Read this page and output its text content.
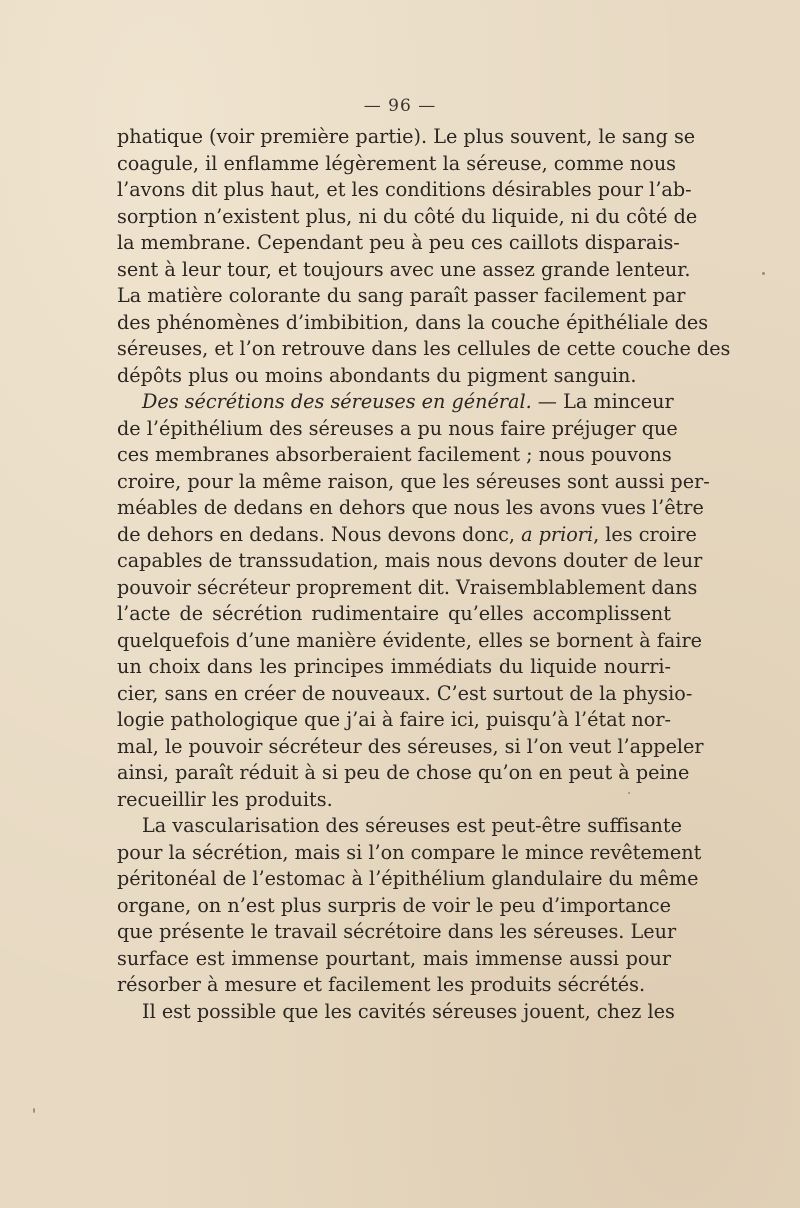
— 96 —
phatique (voir première partie). Le plus souvent, le sang se
coagule, il enflamme légèrement la séreuse, comme nous
l’avons dit plus haut, et les conditions désirables pour l’ab-
sorption n’existent plus, ni du côté du liquide, ni du côté de
la membrane. Cependant peu à peu ces caillots disparais-
sent à leur tour, et toujours avec une assez grande lenteur.
La matière colorante du sang paraît passer facilement par
des phénomènes d’imbibition, dans la couche épithéliale des
séreuses, et l’on retrouve dans les cellules de cette couche des
dépôts plus ou moins abondants du pigment sanguin.
Des sécrétions des séreuses en général. — La minceur
de l’épithélium des séreuses a pu nous faire préjuger que
ces membranes absorberaient facilement ; nous pouvons
croire, pour la même raison, que les séreuses sont aussi per-
méables de dedans en dehors que nous les avons vues l’être
de dehors en dedans. Nous devons donc, a priori, les croire
capables de transsudation, mais nous devons douter de leur
pouvoir sécréteur proprement dit. Vraisemblablement dans
l’acte de sécrétion rudimentaire qu’elles accomplissent
quelquefois d’une manière évidente, elles se bornent à faire
un choix dans les principes immédiats du liquide nourri-
cier, sans en créer de nouveaux. C’est surtout de la physio-
logie pathologique que j’ai à faire ici, puisqu’à l’état nor-
mal, le pouvoir sécréteur des séreuses, si l’on veut l’appeler
ainsi, paraît réduit à si peu de chose qu’on en peut à peine
recueillir les produits.
La vascularisation des séreuses est peut-être suffisante
pour la sécrétion, mais si l’on compare le mince revêtement
péritonéal de l’estomac à l’épithélium glandulaire du même
organe, on n’est plus surpris de voir le peu d’importance
que présente le travail sécrétoire dans les séreuses. Leur
surface est immense pourtant, mais immense aussi pour
résorber à mesure et facilement les produits sécrétés.
Il est possible que les cavités séreuses jouent, chez les
